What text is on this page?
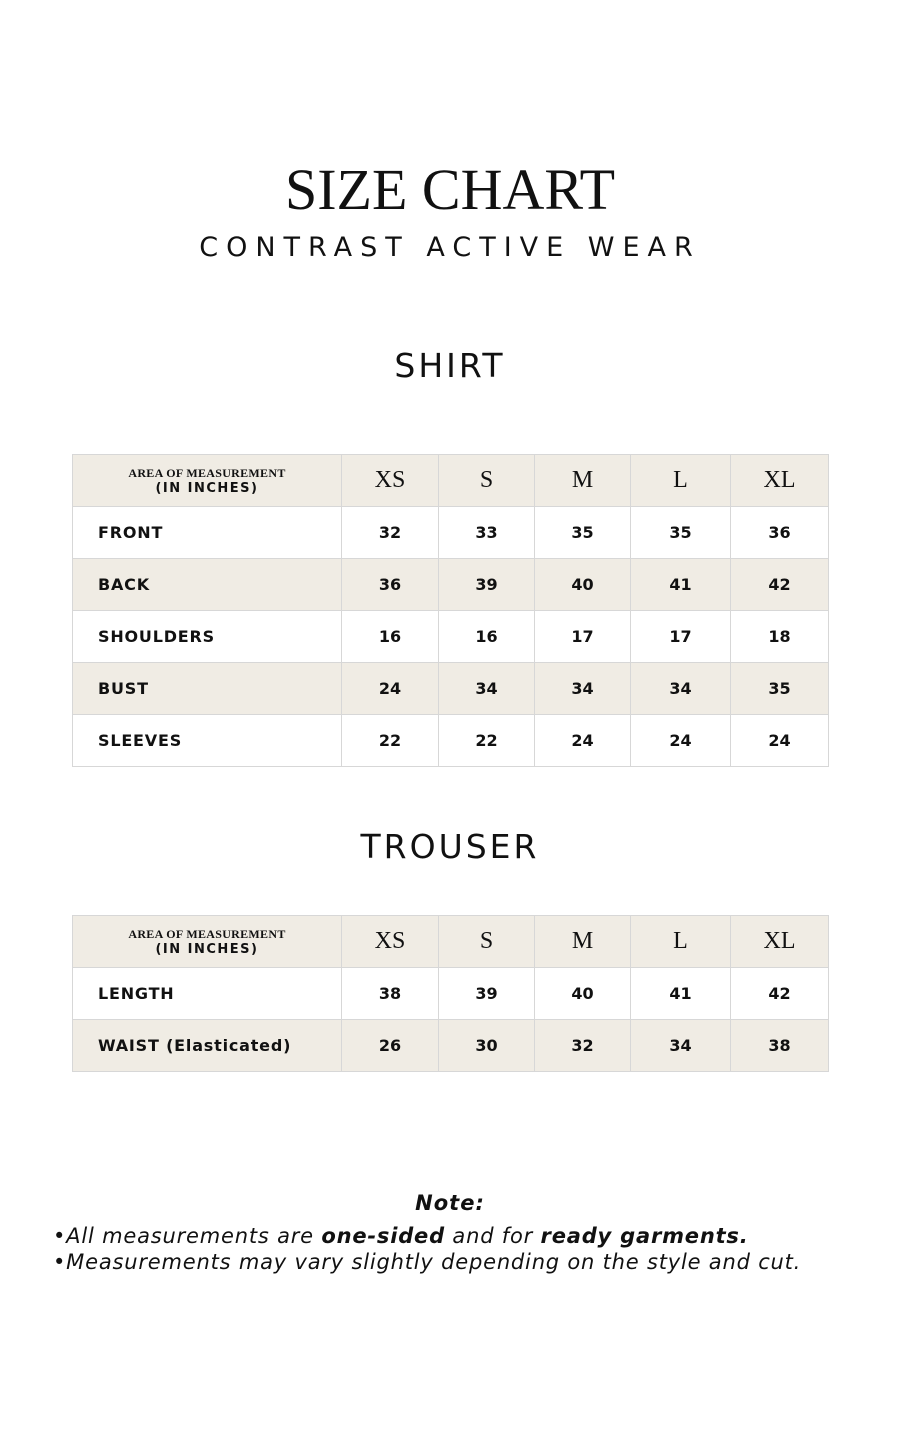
SIZE CHART
CONTRAST ACTIVE WEAR
SHIRT
AREA OF MEASUREMENT
(IN INCHES)	XS	S	M	L	XL
FRONT	32	33	35	35	36
BACK	36	39	40	41	42
SHOULDERS	16	16	17	17	18
BUST	24	34	34	34	35
SLEEVES	22	22	24	24	24
TROUSER
AREA OF MEASUREMENT
(IN INCHES)	XS	S	M	L	XL
LENGTH	38	39	40	41	42
WAIST (Elasticated)	26	30	32	34	38
Note:
•All measurements are one-sided and for ready garments.
•Measurements may vary slightly depending on the style and cut.
